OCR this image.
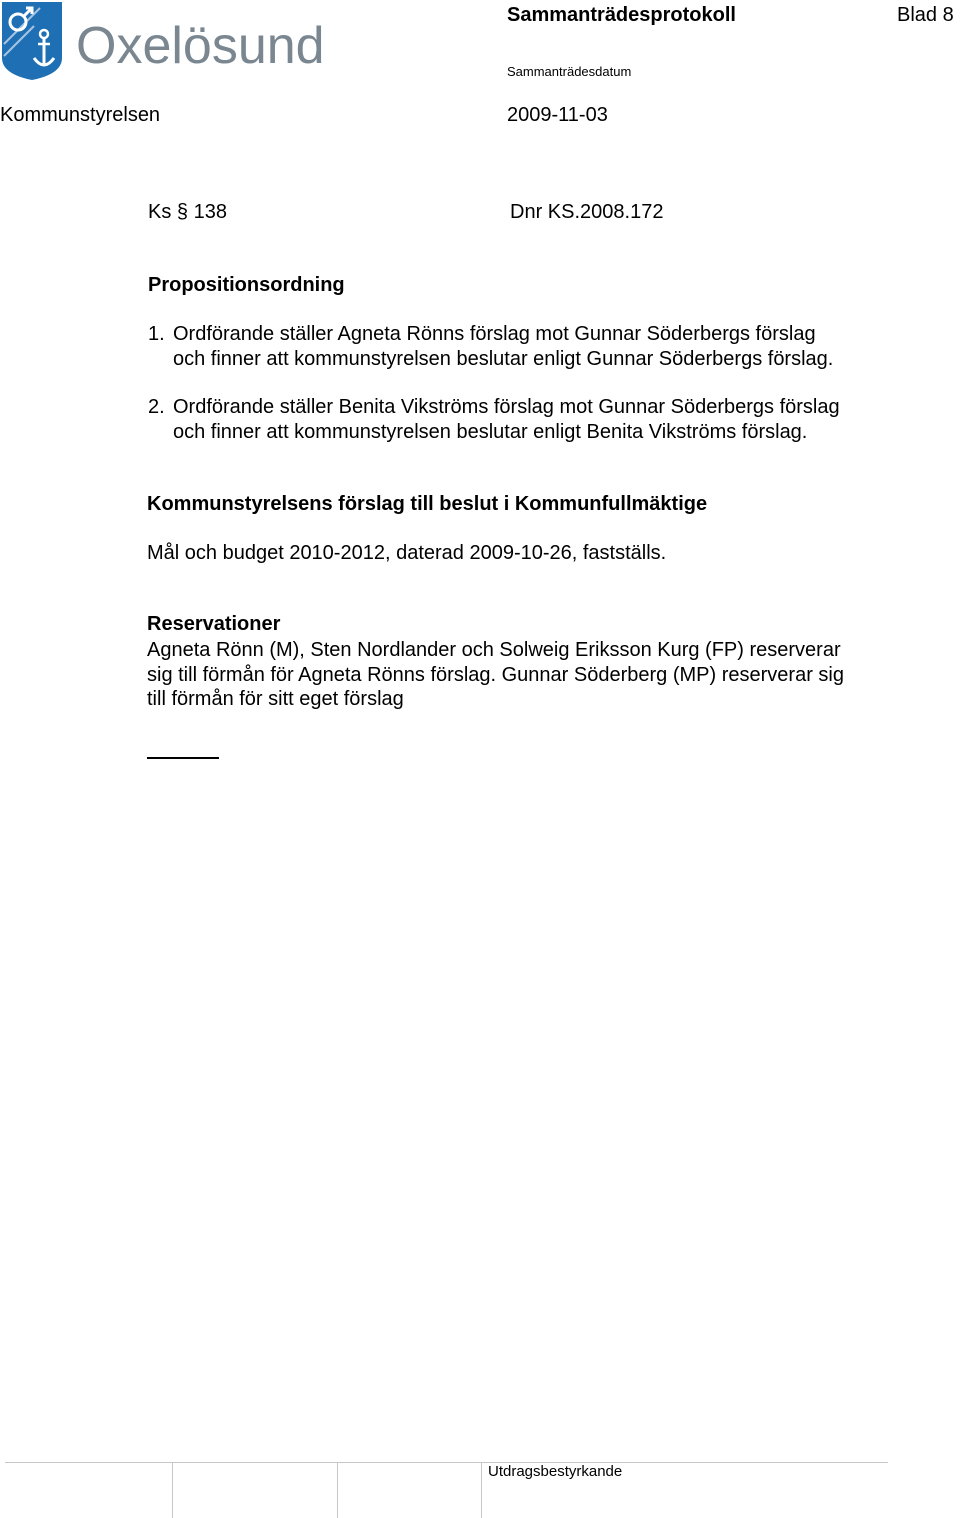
Oxelösund
Sammanträdesprotokoll	Blad 8
Sammanträdesdatum
Kommunstyrelsen	2009-11-03
Ks § 138	Dnr KS.2008.172
Propositionsordning
1. Ordförande ställer Agneta Rönns förslag mot Gunnar Söderbergs förslag
och finner att kommunstyrelsen beslutar enligt Gunnar Söderbergs förslag.
2. Ordförande ställer Benita Vikströms förslag mot Gunnar Söderbergs förslag
och finner att kommunstyrelsen beslutar enligt Benita Vikströms förslag.
Kommunstyrelsens förslag till beslut i Kommunfullmäktige
Mål och budget 2010-2012, daterad 2009-10-26, fastställs.
Reservationer
Agneta Rönn (M), Sten Nordlander och Solweig Eriksson Kurg (FP) reserverar
sig till förmån för Agneta Rönns förslag. Gunnar Söderberg (MP) reserverar sig
till förmån för sitt eget förslag
Utdragsbestyrkande
